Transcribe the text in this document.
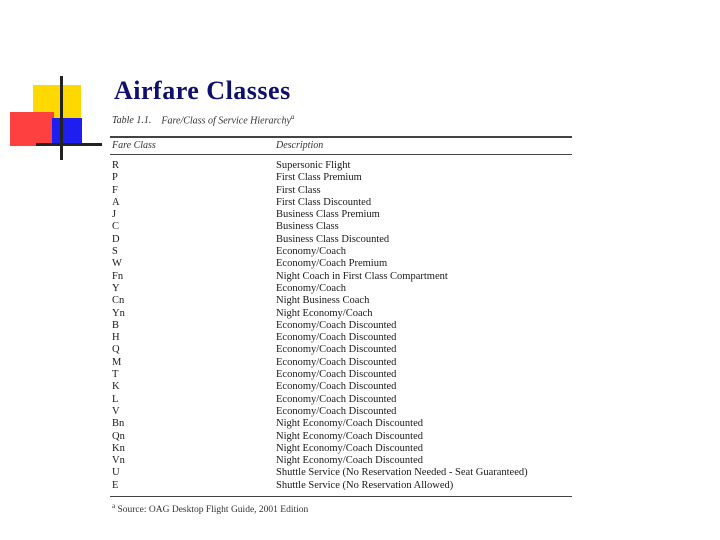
Airfare Classes
Table 1.1. Fare/Class of Service Hierarchy$^a$
Fare Class	Description
R	Supersonic Flight
P	First Class Premium
F	First Class
A	First Class Discounted
J	Business Class Premium
C	Business Class
D	Business Class Discounted
S	Economy/Coach
W	Economy/Coach Premium
Fn	Night Coach in First Class Compartment
Y	Economy/Coach
Cn	Night Business Coach
Yn	Night Economy/Coach
B	Economy/Coach Discounted
H	Economy/Coach Discounted
Q	Economy/Coach Discounted
M	Economy/Coach Discounted
T	Economy/Coach Discounted
K	Economy/Coach Discounted
L	Economy/Coach Discounted
V	Economy/Coach Discounted
Bn	Night Economy/Coach Discounted
Qn	Night Economy/Coach Discounted
Kn	Night Economy/Coach Discounted
Vn	Night Economy/Coach Discounted
U	Shuttle Service (No Reservation Needed - Seat Guaranteed)
E	Shuttle Service (No Reservation Allowed)
$^a$ Source: OAG Desktop Flight Guide, 2001 Edition
